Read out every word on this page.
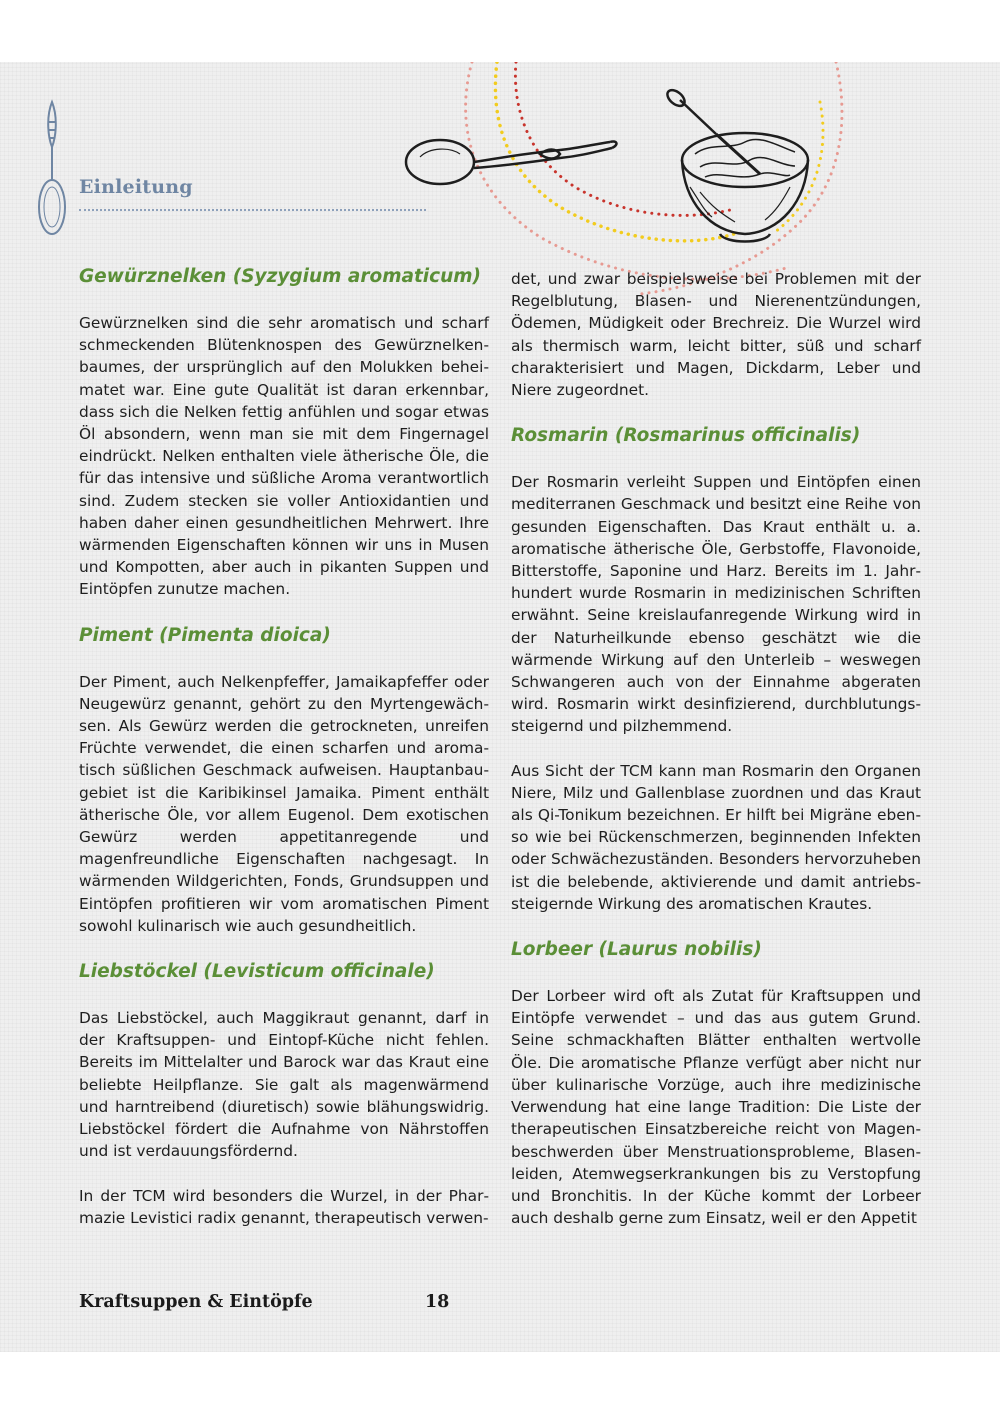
Einleitung
Gewürznelken (Syzygium aromaticum)

Gewürznelken sind die sehr aromatisch und scharf schmeckenden Blütenknospen des Gewürznelkenbaumes, der ursprünglich auf den Molukken beheimatet war. Eine gute Qualität ist daran erkennbar, dass sich die Nelken fettig anfühlen und sogar etwas Öl absondern, wenn man sie mit dem Fingernagel eindrückt. Nelken enthalten viele ätherische Öle, die für das intensive und süßliche Aroma verantwortlich sind. Zudem stecken sie voller Antioxidantien und haben daher einen gesundheitlichen Mehrwert. Ihre wärmenden Eigenschaften können wir uns in Musen und Kompotten, aber auch in pikanten Suppen und Eintöpfen zunutze machen.

Piment (Pimenta dioica)

Der Piment, auch Nelkenpfeffer, Jamaikapfeffer oder Neugewürz genannt, gehört zu den Myrtengewächsen. Als Gewürz werden die getrockneten, unreifen Früchte verwendet, die einen scharfen und aromatisch süßlichen Geschmack aufweisen. Hauptanbaugebiet ist die Karibikinsel Jamaika. Piment enthält ätherische Öle, vor allem Eugenol. Dem exotischen Gewürz werden appetitanregende und magenfreundliche Eigenschaften nachgesagt. In wärmenden Wildgerichten, Fonds, Grundsuppen und Eintöpfen profitieren wir vom aromatischen Piment sowohl kulinarisch wie auch gesundheitlich.

Liebstöckel (Levisticum officinale)

Das Liebstöckel, auch Maggikraut genannt, darf in der Kraftsuppen- und Eintopf-Küche nicht fehlen. Bereits im Mittelalter und Barock war das Kraut eine beliebte Heilpflanze. Sie galt als magenwärmend und harntreibend (diuretisch) sowie blähungswidrig. Liebstöckel fördert die Aufnahme von Nährstoffen und ist verdauungsfördernd.

In der TCM wird besonders die Wurzel, in der Pharmazie Levistici radix genannt, therapeutisch verwen-

det, und zwar beispielsweise bei Problemen mit der Regelblutung, Blasen- und Nierenentzündungen, Ödemen, Müdigkeit oder Brechreiz. Die Wurzel wird als thermisch warm, leicht bitter, süß und scharf charakterisiert und Magen, Dickdarm, Leber und Niere zugeordnet.

Rosmarin (Rosmarinus officinalis)

Der Rosmarin verleiht Suppen und Eintöpfen einen mediterranen Geschmack und besitzt eine Reihe von gesunden Eigenschaften. Das Kraut enthält u. a. aromatische ätherische Öle, Gerbstoffe, Flavonoide, Bitterstoffe, Saponine und Harz. Bereits im 1. Jahrhundert wurde Rosmarin in medizinischen Schriften erwähnt. Seine kreislaufanregende Wirkung wird in der Naturheilkunde ebenso geschätzt wie die wärmende Wirkung auf den Unterleib – weswegen Schwangeren auch von der Einnahme abgeraten wird. Rosmarin wirkt desinfizierend, durchblutungssteigernd und pilzhemmend.

Aus Sicht der TCM kann man Rosmarin den Organen Niere, Milz und Gallenblase zuordnen und das Kraut als Qi-Tonikum bezeichnen. Er hilft bei Migräne ebenso wie bei Rückenschmerzen, beginnenden Infekten oder Schwächezuständen. Besonders hervorzuheben ist die belebende, aktivierende und damit antriebssteigernde Wirkung des aromatischen Krautes.

Lorbeer (Laurus nobilis)

Der Lorbeer wird oft als Zutat für Kraftsuppen und Eintöpfe verwendet – und das aus gutem Grund. Seine schmackhaften Blätter enthalten wertvolle Öle. Die aromatische Pflanze verfügt aber nicht nur über kulinarische Vorzüge, auch ihre medizinische Verwendung hat eine lange Tradition: Die Liste der therapeutischen Einsatzbereiche reicht von Magenbeschwerden über Menstruationsprobleme, Blasenleiden, Atemwegserkrankungen bis zu Verstopfung und Bronchitis. In der Küche kommt der Lorbeer auch deshalb gerne zum Einsatz, weil er den Appetit

Kraftsuppen & Eintöpfe	18
